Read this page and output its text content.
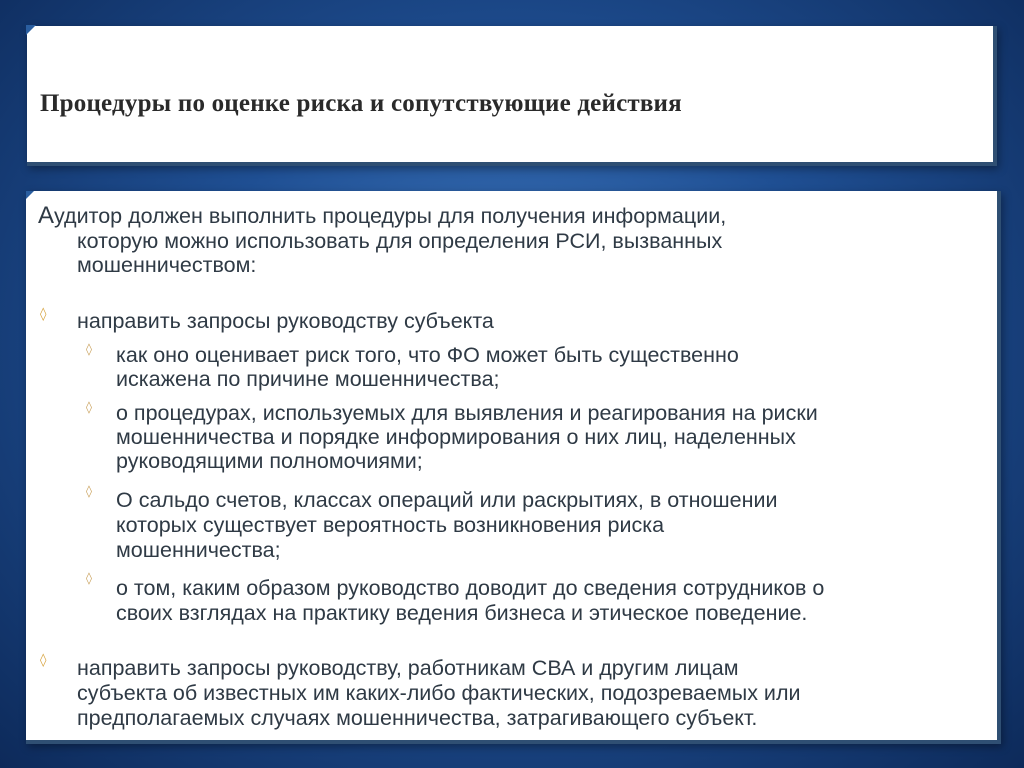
Процедуры по оценке риска и сопутствующие действия
Аудитор должен выполнить процедуры для получения информации,
которую можно использовать для определения РСИ, вызванных
мошенничеством:
◊ направить запросы руководству субъекта
◊ как оно оценивает риск того, что ФО может быть существенно
искажена по причине мошенничества;
◊ о процедурах, используемых для выявления и реагирования на риски
мошенничества и порядке информирования о них лиц, наделенных
руководящими полномочиями;
◊ О сальдо счетов, классах операций или раскрытиях, в отношении
которых существует вероятность возникновения риска
мошенничества;
◊ о том, каким образом руководство доводит до сведения сотрудников о
своих взглядах на практику ведения бизнеса и этическое поведение.
◊ направить запросы руководству, работникам СВА и другим лицам
субъекта об известных им каких-либо фактических, подозреваемых или
предполагаемых случаях мошенничества, затрагивающего субъект.
